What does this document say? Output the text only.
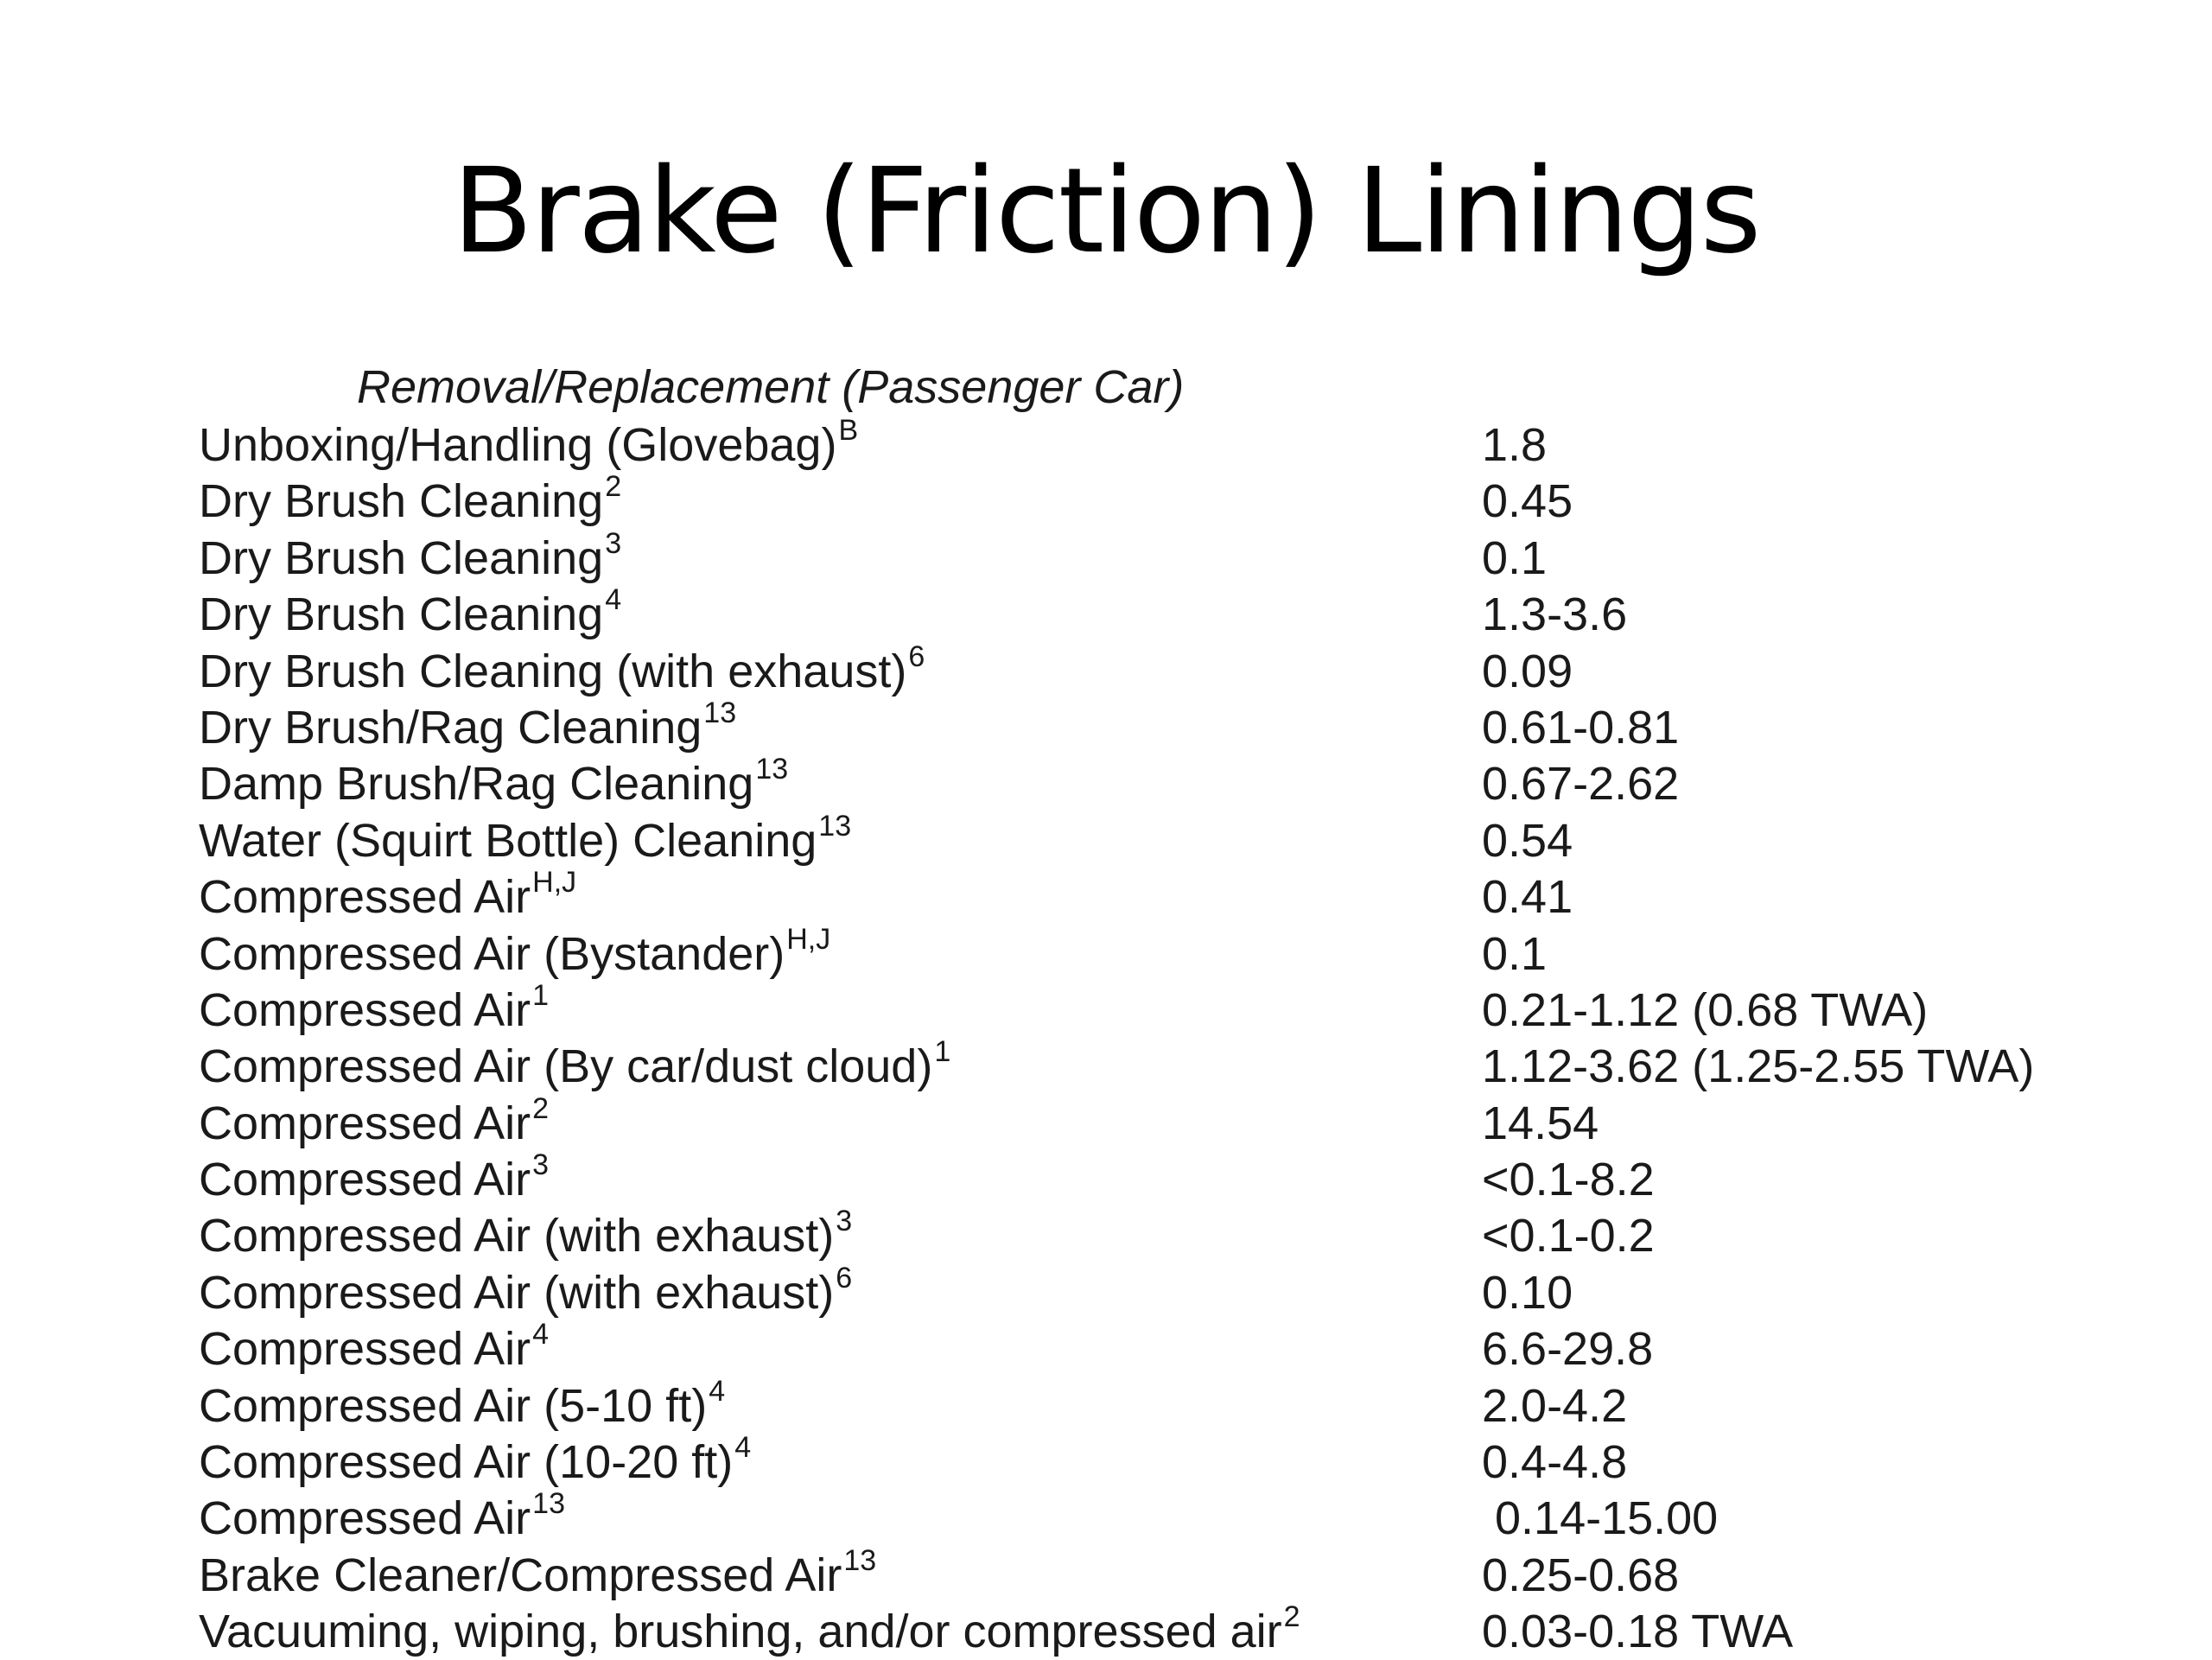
Brake (Friction) Linings
Removal/Replacement (Passenger Car)
Unboxing/Handling (Glovebag)$^B$	1.8
Dry Brush Cleaning$^2$	0.45
Dry Brush Cleaning$^3$	0.1
Dry Brush Cleaning$^4$	1.3-3.6
Dry Brush Cleaning (with exhaust)$^6$	0.09
Dry Brush/Rag Cleaning$^{13}$	0.61-0.81
Damp Brush/Rag Cleaning$^{13}$	0.67-2.62
Water (Squirt Bottle) Cleaning$^{13}$	0.54
Compressed Air$^{H,J}$	0.41
Compressed Air (Bystander)$^{H,J}$	0.1
Compressed Air$^1$	0.21-1.12 (0.68 TWA)
Compressed Air (By car/dust cloud)$^1$	1.12-3.62 (1.25-2.55 TWA)
Compressed Air$^2$	14.54
Compressed Air$^3$	<0.1-8.2
Compressed Air (with exhaust)$^3$	<0.1-0.2
Compressed Air (with exhaust)$^6$	0.10
Compressed Air$^4$	6.6-29.8
Compressed Air (5-10 ft)$^4$	2.0-4.2
Compressed Air (10-20 ft)$^4$	0.4-4.8
Compressed Air$^{13}$	0.14-15.00
Brake Cleaner/Compressed Air$^{13}$	0.25-0.68
Vacuuming, wiping, brushing, and/or compressed air$^2$	0.03-0.18 TWA
